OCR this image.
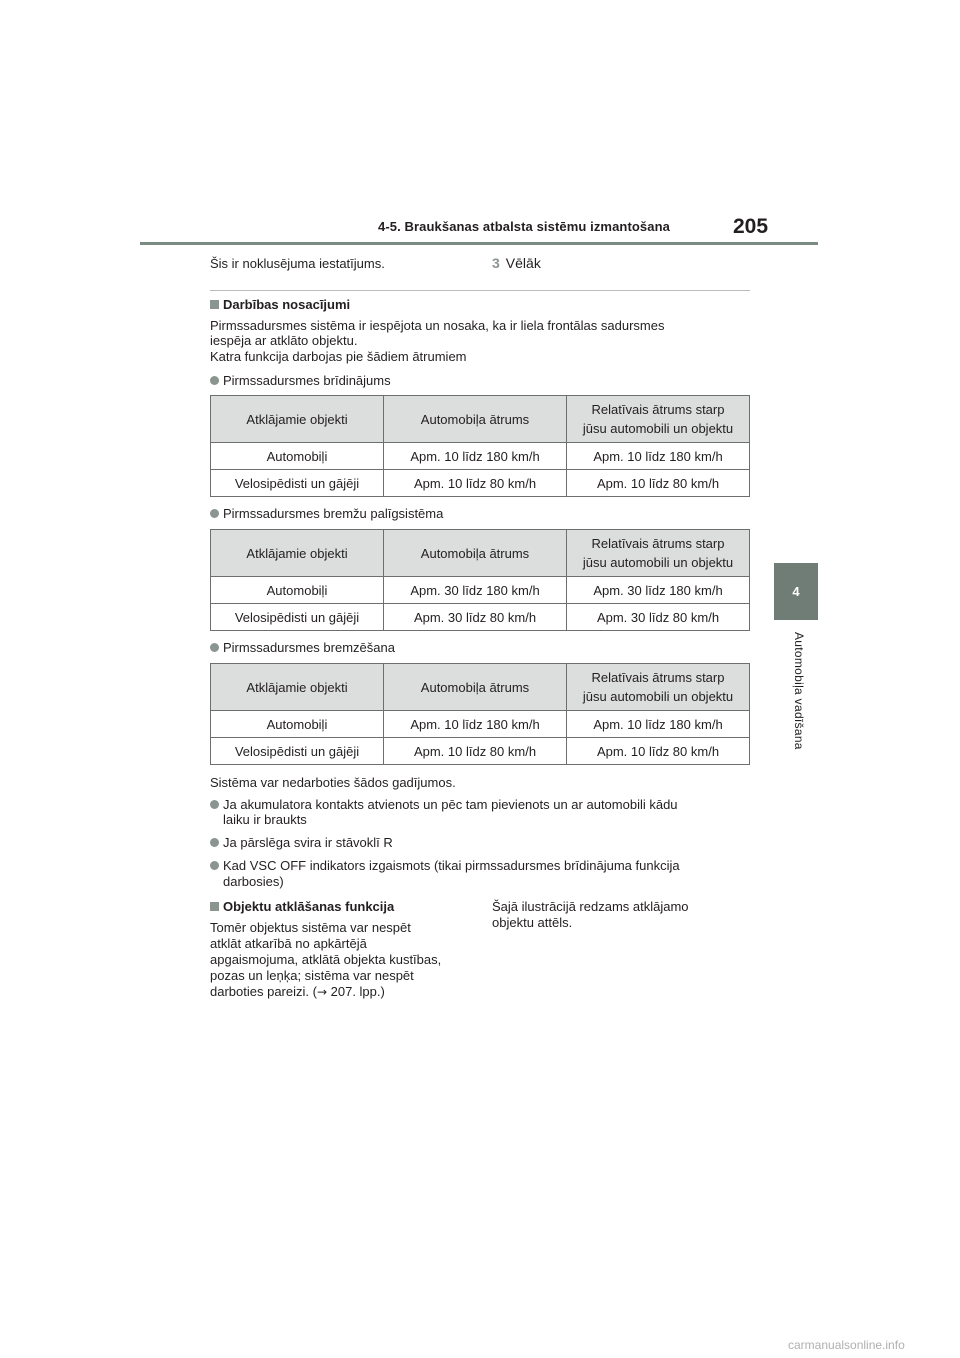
4-5. Braukšanas atbalsta sistēmu izmantošana	205
4
Automobiļa vadīšana
Šis ir noklusējuma iestatījums.	3 Vēlāk
Darbības nosacījumi
Pirmssadursmes sistēma ir iespējota un nosaka, ka ir liela frontālas sadursmes
iespēja ar atklāto objektu.
Katra funkcija darbojas pie šādiem ātrumiem
Pirmssadursmes brīdinājums
Atklājamie objekti	Automobiļa ātrums	Relatīvais ātrums starp
jūsu automobili un objektu
Automobiļi	Apm. 10 līdz 180 km/h	Apm. 10 līdz 180 km/h
Velosipēdisti un gājēji	Apm. 10 līdz 80 km/h	Apm. 10 līdz 80 km/h
Pirmssadursmes bremžu palīgsistēma
Atklājamie objekti	Automobiļa ātrums	Relatīvais ātrums starp
jūsu automobili un objektu
Automobiļi	Apm. 30 līdz 180 km/h	Apm. 30 līdz 180 km/h
Velosipēdisti un gājēji	Apm. 30 līdz 80 km/h	Apm. 30 līdz 80 km/h
Pirmssadursmes bremzēšana
Atklājamie objekti	Automobiļa ātrums	Relatīvais ātrums starp
jūsu automobili un objektu
Automobiļi	Apm. 10 līdz 180 km/h	Apm. 10 līdz 180 km/h
Velosipēdisti un gājēji	Apm. 10 līdz 80 km/h	Apm. 10 līdz 80 km/h
Sistēma var nedarboties šādos gadījumos.
Ja akumulatora kontakts atvienots un pēc tam pievienots un ar automobili kādu
laiku ir braukts
Ja pārslēga svira ir stāvoklī R
Kad VSC OFF indikators izgaismots (tikai pirmssadursmes brīdinājuma funkcija
darbosies)
Objektu atklāšanas funkcija
Tomēr objektus sistēma var nespēt
atklāt atkarībā no apkārtējā
apgaismojuma, atklātā objekta kustības,
pozas un leņķa; sistēma var nespēt
darboties pareizi. (→ 207. lpp.)
Šajā ilustrācijā redzams atklājamo
objektu attēls.
carmanualsonline.info
